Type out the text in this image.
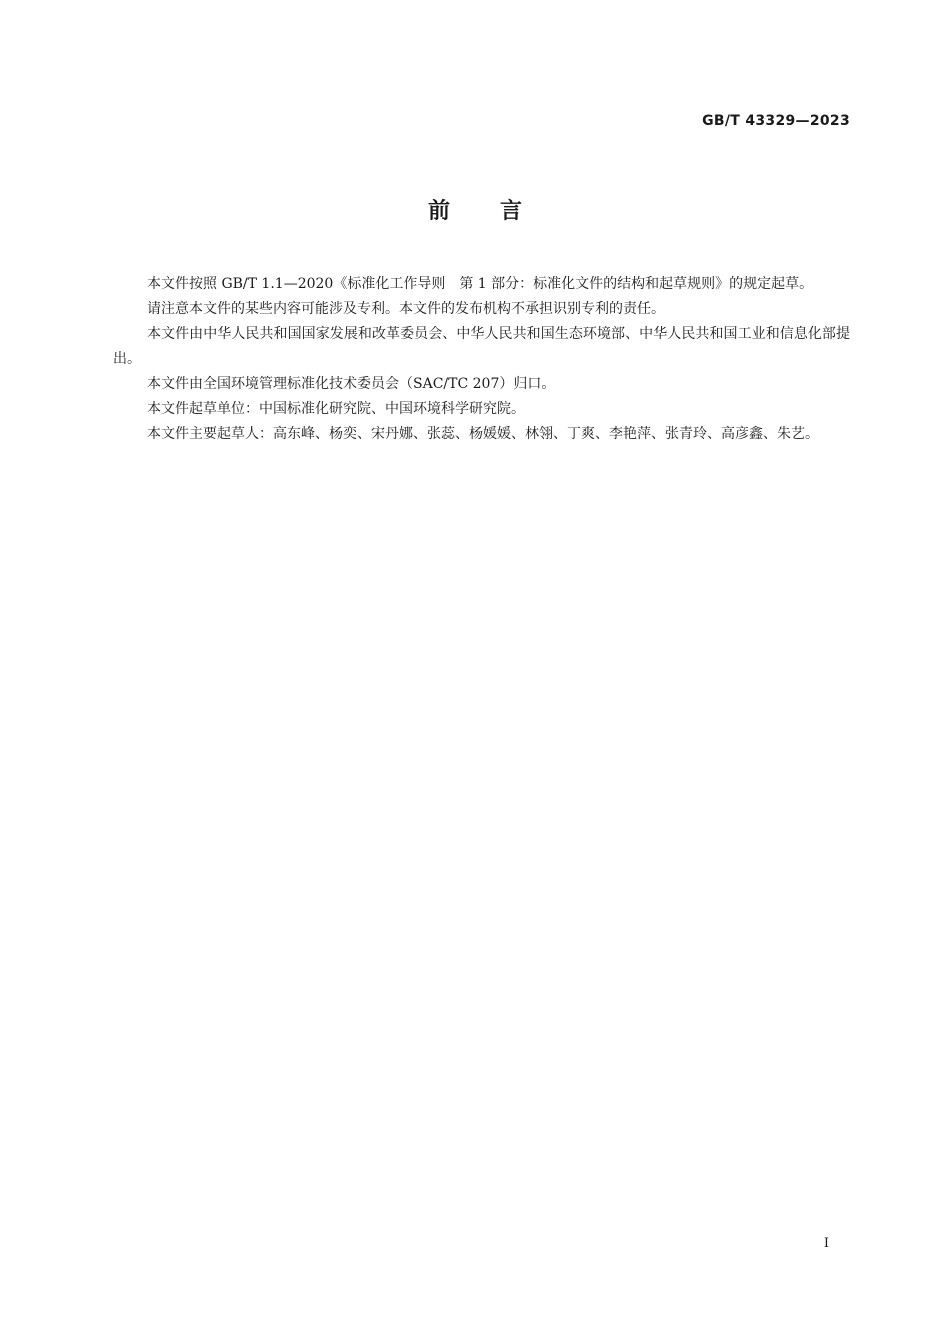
GB/T 43329—2023
前言

本文件按照 GB/T 1.1—2020《标准化工作导则　第 1 部分：标准化文件的结构和起草规则》的规定起草。

请注意本文件的某些内容可能涉及专利。本文件的发布机构不承担识别专利的责任。

本文件由中华人民共和国国家发展和改革委员会、中华人民共和国生态环境部、中华人民共和国工业和信息化部提出。

本文件由全国环境管理标准化技术委员会（SAC/TC 207）归口。

本文件起草单位：中国标准化研究院、中国环境科学研究院。

本文件主要起草人：高东峰、杨奕、宋丹娜、张蕊、杨媛媛、林翎、丁爽、李艳萍、张青玲、高彦鑫、朱艺。

I
